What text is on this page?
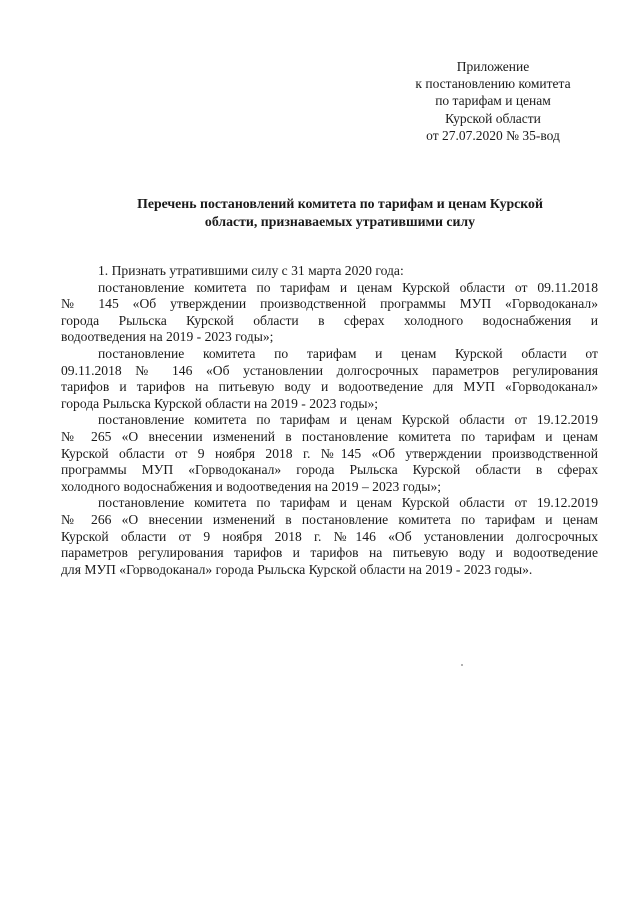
Приложение
к постановлению комитета
по тарифам и ценам
Курской области
от 27.07.2020 № 35-вод
Перечень постановлений комитета по тарифам и ценам Курской
области, признаваемых утратившими силу
1. Признать утратившими силу с 31 марта 2020 года:
постановление комитета по тарифам и ценам Курской области от 09.11.2018
№ 145 «Об утверждении производственной программы МУП «Горводоканал»
города Рыльска Курской области в сферах холодного водоснабжения и
водоотведения на 2019 - 2023 годы»;
постановление комитета по тарифам и ценам Курской области от
09.11.2018 № 146 «Об установлении долгосрочных параметров регулирования
тарифов и тарифов на питьевую воду и водоотведение для МУП «Горводоканал»
города Рыльска Курской области на 2019 - 2023 годы»;
постановление комитета по тарифам и ценам Курской области от 19.12.2019
№ 265 «О внесении изменений в постановление комитета по тарифам и ценам
Курской области от 9 ноября 2018 г. №145 «Об утверждении производственной
программы МУП «Горводоканал» города Рыльска Курской области в сферах
холодного водоснабжения и водоотведения на 2019 – 2023 годы»;
постановление комитета по тарифам и ценам Курской области от 19.12.2019
№ 266 «О внесении изменений в постановление комитета по тарифам и ценам
Курской области от 9 ноября 2018 г. №146 «Об установлении долгосрочных
параметров регулирования тарифов и тарифов на питьевую воду и водоотведение
для МУП «Горводоканал» города Рыльска Курской области на 2019 - 2023 годы».
